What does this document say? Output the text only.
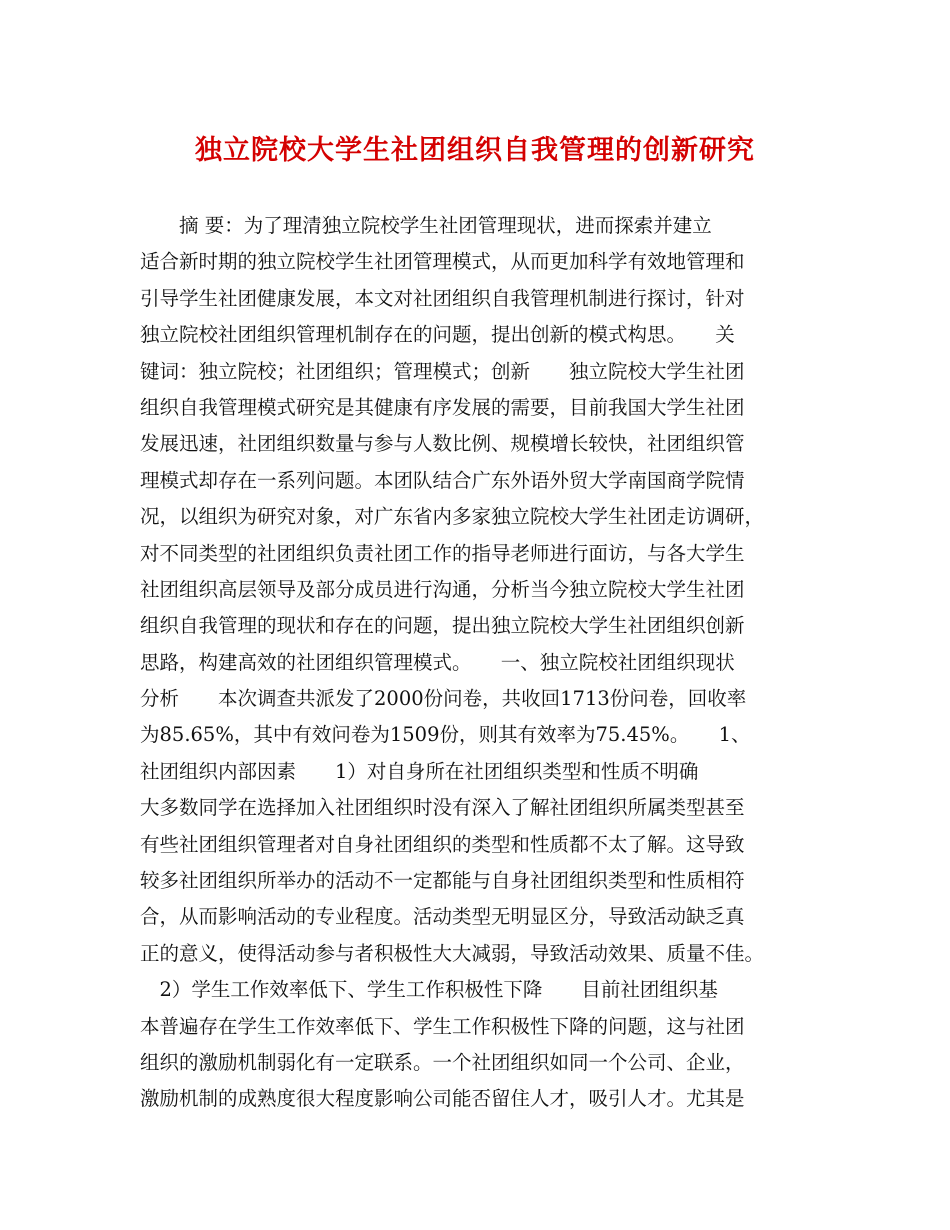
独立院校大学生社团组织自我管理的创新研究
　　摘 要：为了理清独立院校学生社团管理现状，进而探索并建立
适合新时期的独立院校学生社团管理模式，从而更加科学有效地管理和
引导学生社团健康发展，本文对社团组织自我管理机制进行探讨，针对
独立院校社团组织管理机制存在的问题，提出创新的模式构思。　　关
键词：独立院校；社团组织；管理模式；创新　　独立院校大学生社团
组织自我管理模式研究是其健康有序发展的需要，目前我国大学生社团
发展迅速，社团组织数量与参与人数比例、规模增长较快，社团组织管
理模式却存在一系列问题。本团队结合广东外语外贸大学南国商学院情
况，以组织为研究对象，对广东省内多家独立院校大学生社团走访调研，
对不同类型的社团组织负责社团工作的指导老师进行面访，与各大学生
社团组织高层领导及部分成员进行沟通，分析当今独立院校大学生社团
组织自我管理的现状和存在的问题，提出独立院校大学生社团组织创新
思路，构建高效的社团组织管理模式。　　一、独立院校社团组织现状
分析　　本次调查共派发了2000份问卷，共收回1713份问卷，回收率
为85.65%，其中有效问卷为1509份，则其有效率为75.45%。　　1、
社团组织内部因素　　1）对自身所在社团组织类型和性质不明确　　
大多数同学在选择加入社团组织时没有深入了解社团组织所属类型甚至
有些社团组织管理者对自身社团组织的类型和性质都不太了解。这导致
较多社团组织所举办的活动不一定都能与自身社团组织类型和性质相符
合，从而影响活动的专业程度。活动类型无明显区分，导致活动缺乏真
正的意义，使得活动参与者积极性大大减弱，导致活动效果、质量不佳。
　2）学生工作效率低下、学生工作积极性下降　　目前社团组织基
本普遍存在学生工作效率低下、学生工作积极性下降的问题，这与社团
组织的激励机制弱化有一定联系。一个社团组织如同一个公司、企业，
激励机制的成熟度很大程度影响公司能否留住人才，吸引人才。尤其是
